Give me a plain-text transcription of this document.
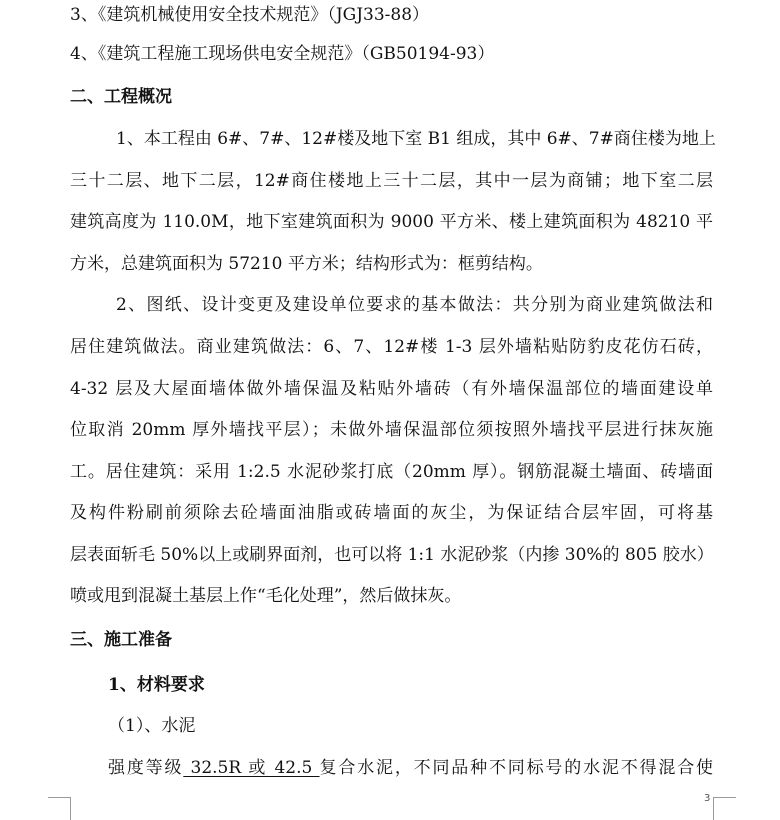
3、《建筑机械使用安全技术规范》（JGJ33-88）
4、《建筑工程施工现场供电安全规范》（GB50194-93）
二、工程概况
1、本工程由 6#、7#、12#楼及地下室 B1 组成，其中 6#、7#商住楼为地上
三十二层、地下二层，12#商住楼地上三十二层，其中一层为商铺；地下室二层
建筑高度为 110.0M，地下室建筑面积为 9000 平方米、楼上建筑面积为 48210 平
方米，总建筑面积为 57210 平方米；结构形式为：框剪结构。
2、图纸、设计变更及建设单位要求的基本做法：共分别为商业建筑做法和
居住建筑做法。商业建筑做法：6、7、12#楼 1-3 层外墙粘贴防豹皮花仿石砖，
4-32 层及大屋面墙体做外墙保温及粘贴外墙砖（有外墙保温部位的墙面建设单
位取消 20mm 厚外墙找平层）；未做外墙保温部位须按照外墙找平层进行抹灰施
工。居住建筑：采用 1:2.5 水泥砂浆打底（20mm 厚）。钢筋混凝土墙面、砖墙面
及构件粉刷前须除去砼墙面油脂或砖墙面的灰尘，为保证结合层牢固，可将基
层表面斩毛 50%以上或刷界面剂，也可以将 1:1 水泥砂浆（内掺 30%的 805 胶水）
喷或甩到混凝土基层上作“毛化处理”，然后做抹灰。
三、施工准备
1、材料要求
（1）、水泥
强度等级 32.5R 或 42.5 复合水泥，不同品种不同标号的水泥不得混合使
3
